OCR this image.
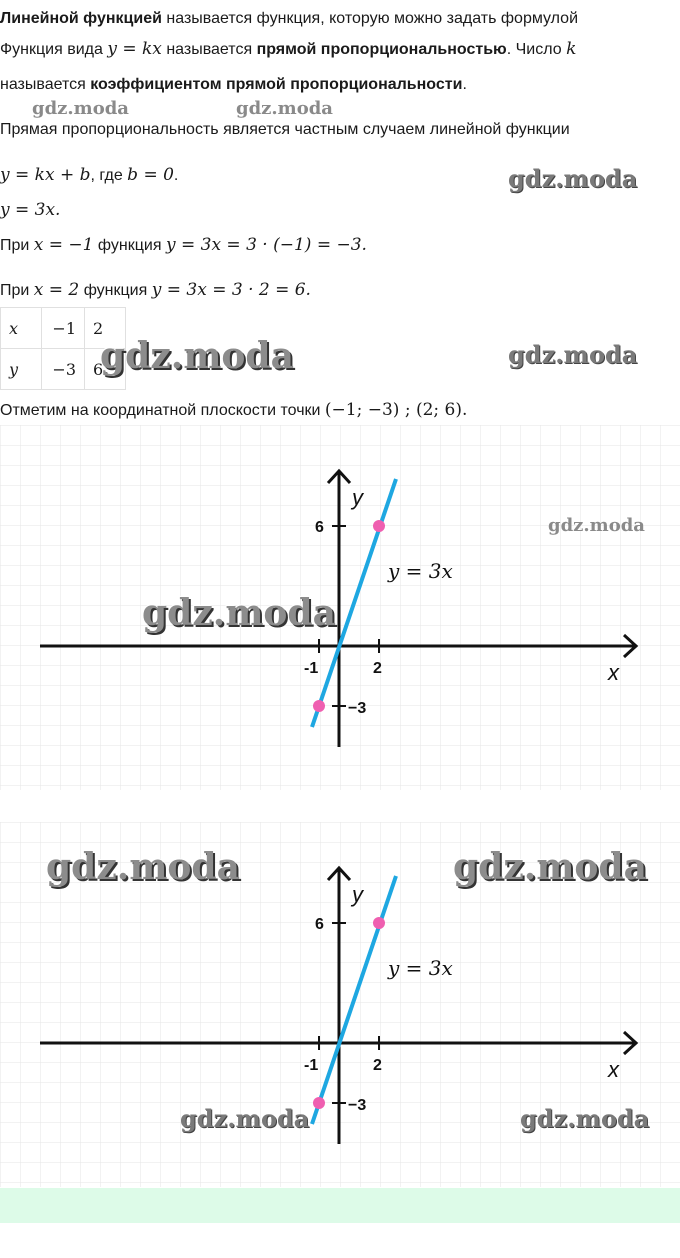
Линейной функцией называется функция, которую можно задать формулой
Функция вида y = kx называется прямой пропорциональностью. Число k
называется коэффициентом прямой пропорциональности.
gdz.moda	gdz.moda
Прямая пропорциональность является частным случаем линейной функции
y = kx + b, где b = 0.	gdz.moda
y = 3x.
При x = −1 функция y = 3x = 3 · (−1) = −3.
При x = 2 функция y = 3x = 3 · 2 = 6.
x	−1	2
y	−3	6
gdz.moda	gdz.moda
Отметим на координатной плоскости точки (−1; −3) ; (2; 6).
6
−3
-1	2
y
x
y = 3x
gdz.moda
gdz.moda
6
−3
-1	2
y
x
y = 3x
gdz.moda	gdz.moda
gdz.moda	gdz.moda
